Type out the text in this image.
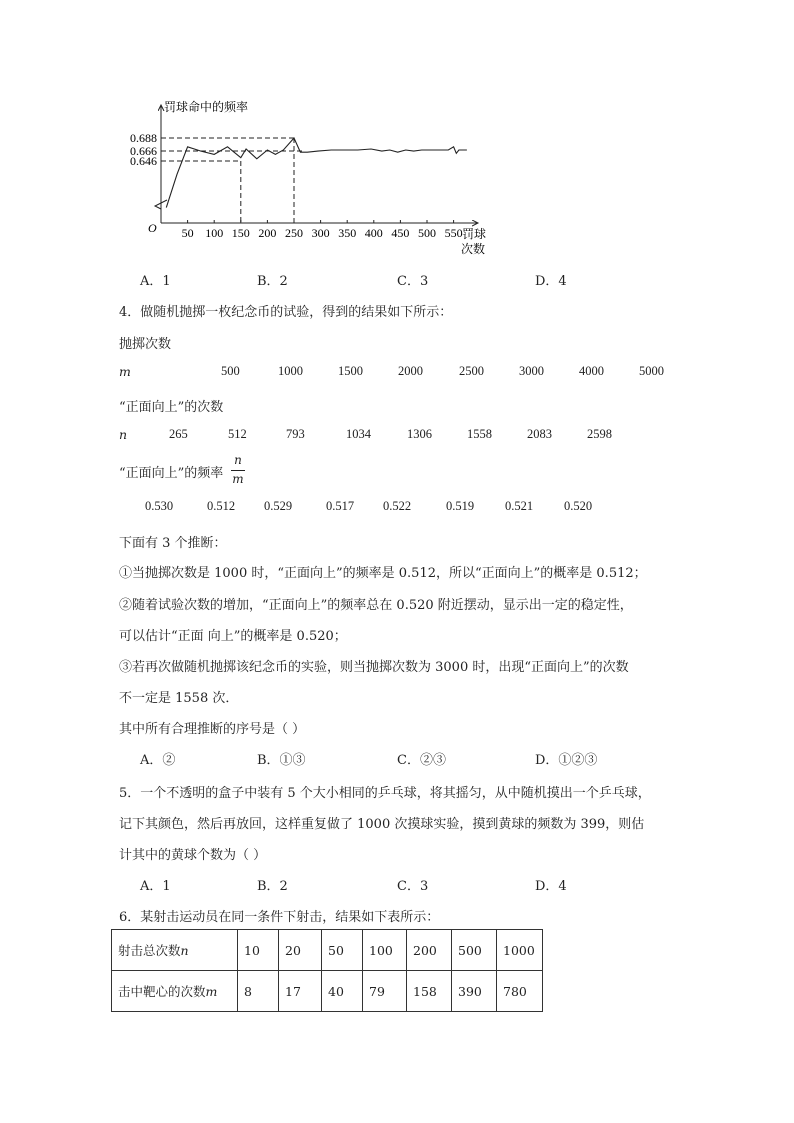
罚球命中的频率
罚球
次数
O 50 100 150 200 250 300 350 400 450 500 550
0.688
0.666
0.646
A．1	B．2	C．3	D．4
4．做随机抛掷一枚纪念币的试验，得到的结果如下所示：
抛掷次数
m	500	1000	1500	2000	2500	3000	4000	5000
“正面向上”的次数
n	265	512	793	1034	1306	1558	2083	2598
“正面向上”的频率
n
m
0.530	0.512 0.529	0.517 0.522	0.519 0.521 0.520
下面有 3 个推断：
①当抛掷次数是 1000 时，“正面向上”的频率是 0.512，所以“正面向上”的概率是 0.512；
②随着试验次数的增加，“正面向上”的频率总在 0.520 附近摆动，显示出一定的稳定性，
可以估计“正面 向上”的概率是 0.520；
③若再次做随机抛掷该纪念币的实验，则当抛掷次数为 3000 时，出现“正面向上”的次数
不一定是 1558 次．
其中所有合理推断的序号是（ ）
A．②	B．①③	C．②③	D．①②③
5．一个不透明的盒子中装有 5 个大小相同的乒乓球，将其摇匀，从中随机摸出一个乒乓球，
记下其颜色，然后再放回，这样重复做了 1000 次摸球实验，摸到黄球的频数为 399，则估
计其中的黄球个数为（ ）
A．1	B．2	C．3	D．4
6．某射击运动员在同一条件下射击，结果如下表所示：
射击总次数n	10	20	50	100	200	500	1000
击中靶心的次数m	8	17	40	79	158	390	780
